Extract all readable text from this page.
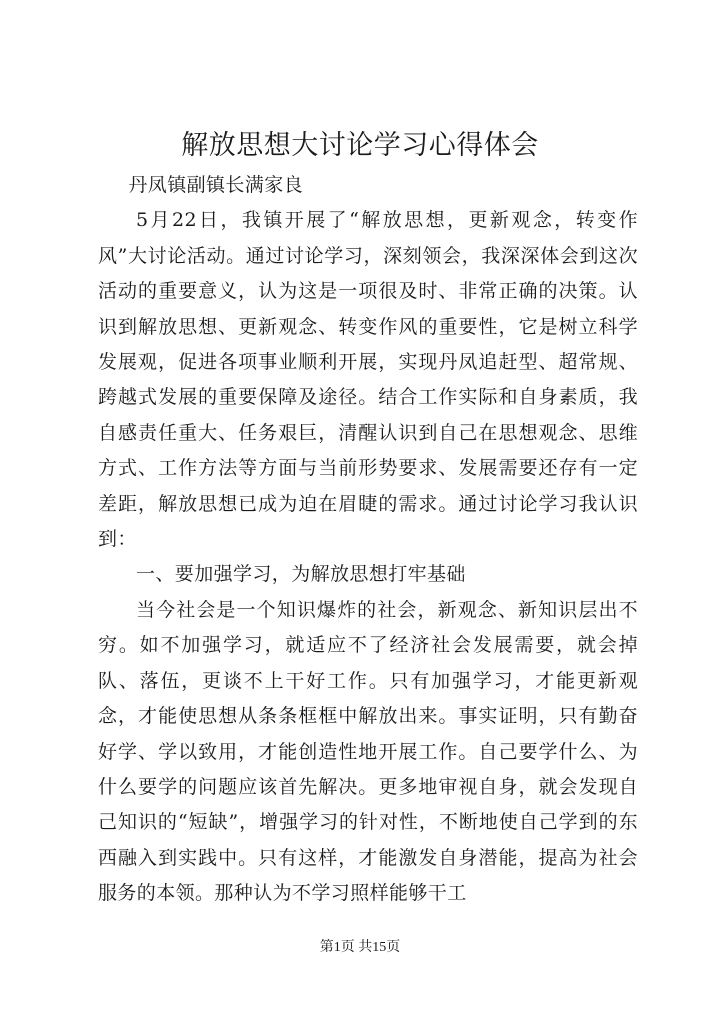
解放思想大讨论学习心得体会

丹凤镇副镇长满家良

5月22日，我镇开展了“解放思想，更新观念，转变作风”大讨论活动。通过讨论学习，深刻领会，我深深体会到这次活动的重要意义，认为这是一项很及时、非常正确的决策。认识到解放思想、更新观念、转变作风的重要性，它是树立科学发展观，促进各项事业顺利开展，实现丹凤追赶型、超常规、跨越式发展的重要保障及途径。结合工作实际和自身素质，我自感责任重大、任务艰巨，清醒认识到自己在思想观念、思维方式、工作方法等方面与当前形势要求、发展需要还存有一定差距，解放思想已成为迫在眉睫的需求。通过讨论学习我认识到：

一、要加强学习，为解放思想打牢基础

当今社会是一个知识爆炸的社会，新观念、新知识层出不穷。如不加强学习，就适应不了经济社会发展需要，就会掉队、落伍，更谈不上干好工作。只有加强学习，才能更新观念，才能使思想从条条框框中解放出来。事实证明，只有勤奋好学、学以致用，才能创造性地开展工作。自己要学什么、为什么要学的问题应该首先解决。更多地审视自身，就会发现自己知识的“短缺”，增强学习的针对性，不断地使自己学到的东西融入到实践中。只有这样，才能激发自身潜能，提高为社会服务的本领。那种认为不学习照样能够干工

第1页 共15页
